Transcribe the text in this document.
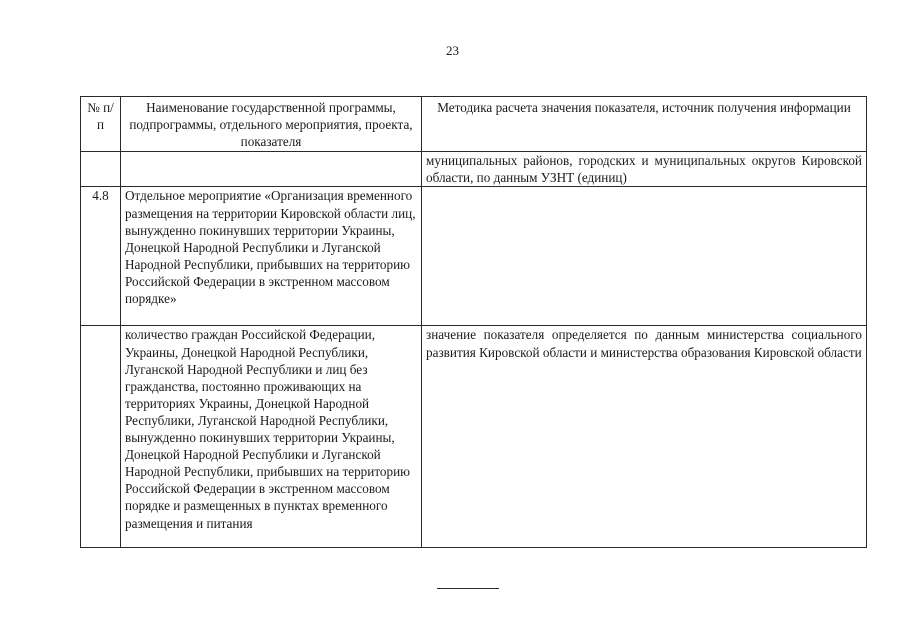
23
№ п/п	Наименование государственной программы, подпрограммы, отдельного мероприятия, проекта, показателя	Методика расчета значения показателя, источник получения информации
		муниципальных районов, городских и муниципальных округов Кировской области, по данным УЗНТ (единиц)
4.8	Отдельное мероприятие «Организация временного размещения на территории Кировской области лиц, вынужденно покинувших территории Украины, Донецкой Народной Республики и Луганской Народной Республики, прибывших на территорию Российской Федерации в экстренном массовом порядке»	
	количество граждан Российской Федерации, Украины, Донецкой Народной Республики, Луганской Народной Республики и лиц без гражданства, постоянно проживающих на территориях Украины, Донецкой Народной Республики, Луганской Народной Республики, вынужденно покинувших территории Украины, Донецкой Народной Республики и Луганской Народной Республики, прибывших на территорию Российской Федерации в экстренном массовом порядке и размещенных в пунктах временного размещения и питания	значение показателя определяется по данным министерства социального развития Кировской области и министерства образования Кировской области
